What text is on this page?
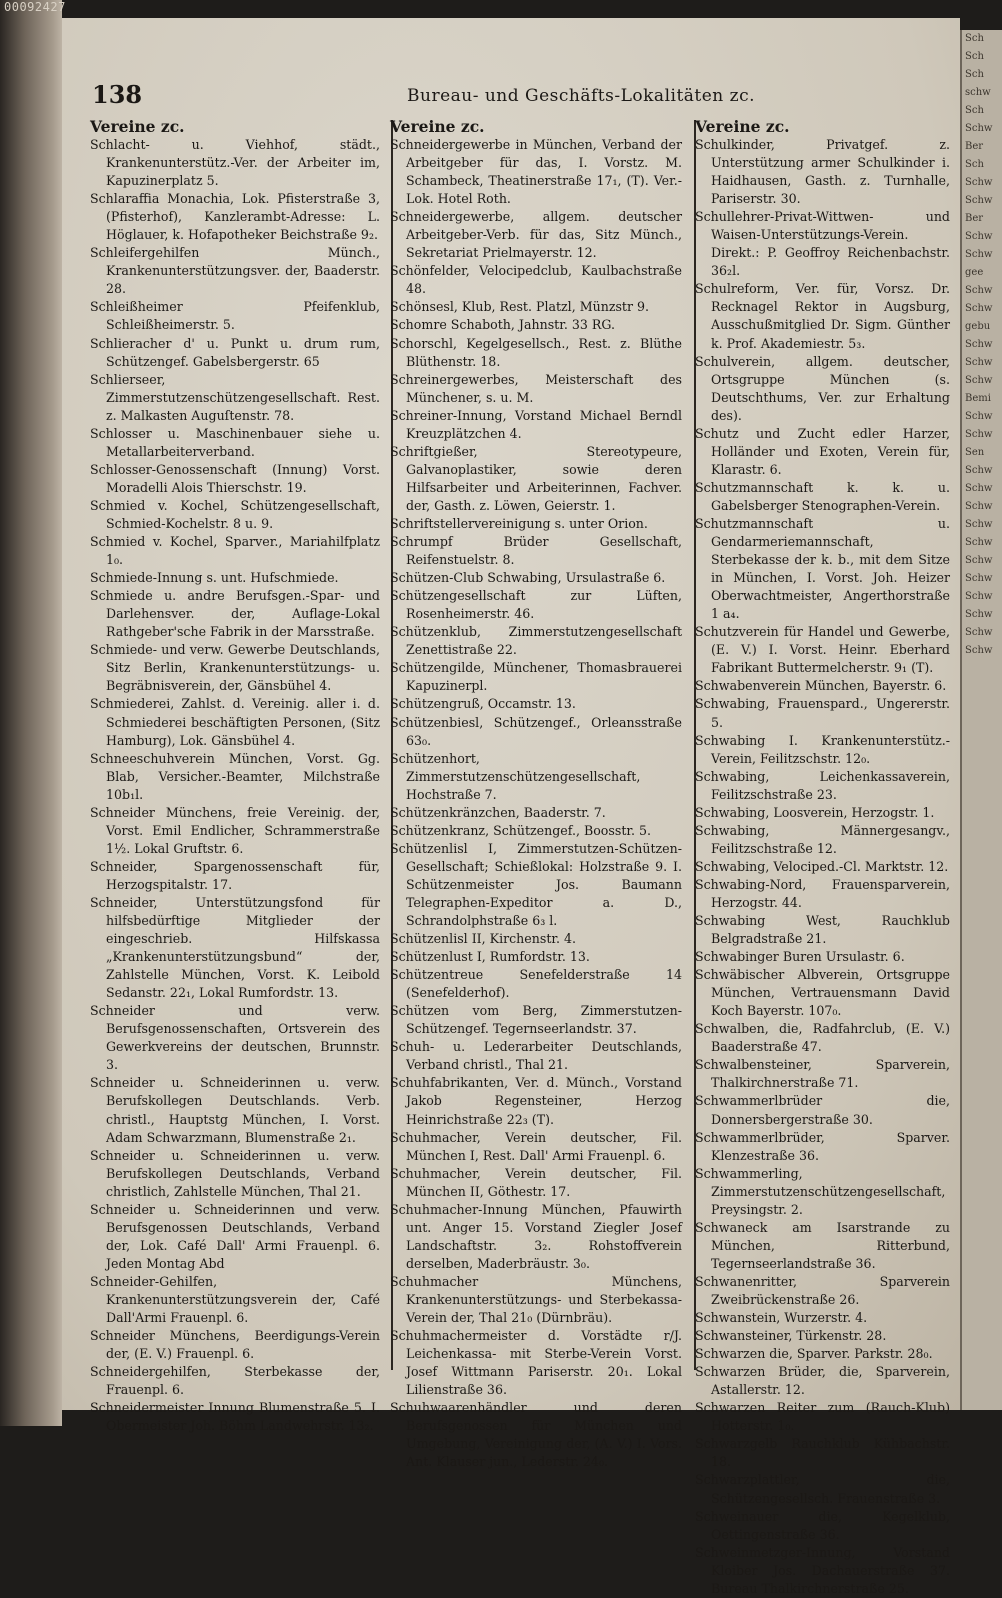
00092427
138	Bureau- und Geschäfts-Lokalitäten zc.
Vereine zc.
Schlacht- u. Viehhof, städt., Krankenunterstütz.-Ver. der Arbeiter im, Kapuzinerplatz 5.
Schlaraffia Monachia, Lok. Pfisterstraße 3, (Pfisterhof), Kanzlerambt-Adresse: L. Höglauer, k. Hofapotheker Beichstraße 9₂.
Schleifergehilfen Münch., Krankenunterstützungsver. der, Baaderstr. 28.
Schleißheimer Pfeifenklub, Schleißheimerstr. 5.
Schlieracher d' u. Punkt u. drum rum, Schützengef. Gabelsbergerstr. 65
Schlierseer, Zimmerstutzenschützengesellschaft. Rest. z. Malkasten Auguſtenstr. 78.
Schlosser u. Maschinenbauer siehe u. Metallarbeiterverband.
Schlosser-Genossenschaft (Innung) Vorst. Moradelli Alois Thierschstr. 19.
Schmied v. Kochel, Schützengesellschaft, Schmied-Kochelstr. 8 u. 9.
Schmied v. Kochel, Sparver., Mariahilfplatz 1₀.
Schmiede-Innung s. unt. Hufschmiede.
Schmiede u. andre Berufsgen.-Spar- und Darlehensver. der, Auflage-Lokal Rathgeber'sche Fabrik in der Marsstraße.
Schmiede- und verw. Gewerbe Deutschlands, Sitz Berlin, Krankenunterstützungs- u. Begräbnisverein, der, Gänsbühel 4.
Schmiederei, Zahlst. d. Vereinig. aller i. d. Schmiederei beschäftigten Personen, (Sitz Hamburg), Lok. Gänsbühel 4.
Schneeschuhverein München, Vorst. Gg. Blab, Versicher.-Beamter, Milchstraße 10b₁l.
Schneider Münchens, freie Vereinig. der, Vorst. Emil Endlicher, Schrammerstraße 1½. Lokal Gruftstr. 6.
Schneider, Spargenossenschaft für, Herzogspitalstr. 17.
Schneider, Unterstützungsfond für hilfsbedürftige Mitglieder der eingeschrieb. Hilfskassa „Krankenunterstützungsbund“ der, Zahlstelle München, Vorst. K. Leibold Sedanstr. 22₁, Lokal Rumfordstr. 13.
Schneider und verw. Berufsgenossenschaften, Ortsverein des Gewerkvereins der deutschen, Brunnstr. 3.
Schneider u. Schneiderinnen u. verw. Berufskollegen Deutschlands. Verb. christl., Hauptstg München, I. Vorst. Adam Schwarzmann, Blumenstraße 2₁.
Schneider u. Schneiderinnen u. verw. Berufskollegen Deutschlands, Verband christlich, Zahlstelle München, Thal 21.
Schneider u. Schneiderinnen und verw. Berufsgenossen Deutschlands, Verband der, Lok. Café Dall' Armi Frauenpl. 6. Jeden Montag Abd
Schneider-Gehilfen, Krankenunterstützungsverein der, Café Dall'Armi Frauenpl. 6.
Schneider Münchens, Beerdigungs-Verein der, (E. V.) Frauenpl. 6.
Schneidergehilfen, Sterbekasse der, Frauenpl. 6.
Schneidermeister Innung Blumenstraße 5. I. Obermeister Joh. Böhm Landwehrstr. 13₂.
Vereine zc.
Schneidergewerbe in München, Verband der Arbeitgeber für das, I. Vorstz. M. Schambeck, Theatinerstraße 17₁, (T). Ver.-Lok. Hotel Roth.
Schneidergewerbe, allgem. deutscher Arbeitgeber-Verb. für das, Sitz Münch., Sekretariat Prielmayerstr. 12.
Schönfelder, Velocipedclub, Kaulbachstraße 48.
Schönsesl, Klub, Rest. Platzl, Münzstr 9.
Schomre Schaboth, Jahnstr. 33 RG.
Schorschl, Kegelgesellsch., Rest. z. Blüthe Blüthenstr. 18.
Schreinergewerbes, Meisterschaft des Münchener, s. u. M.
Schreiner-Innung, Vorstand Michael Berndl Kreuzplätzchen 4.
Schriftgießer, Stereotypeure, Galvanoplastiker, sowie deren Hilfsarbeiter und Arbeiterinnen, Fachver. der, Gasth. z. Löwen, Geierstr. 1.
Schriftstellervereinigung s. unter Orion.
Schrumpf Brüder Gesellschaft, Reifenstuelstr. 8.
Schützen-Club Schwabing, Ursulastraße 6.
Schützengesellschaft zur Lüften, Rosenheimerstr. 46.
Schützenklub, Zimmerstutzengesellschaft Zenettistraße 22.
Schützengilde, Münchener, Thomasbrauerei Kapuzinerpl.
Schützengruß, Occamstr. 13.
Schützenbiesl, Schützengef., Orleansstraße 63₀.
Schützenhort, Zimmerstutzenschützengesellschaft, Hochstraße 7.
Schützenkränzchen, Baaderstr. 7.
Schützenkranz, Schützengef., Boosstr. 5.
Schützenlisl I, Zimmerstutzen-Schützen-Gesellschaft; Schießlokal: Holzstraße 9. I. Schützenmeister Jos. Baumann Telegraphen-Expeditor a. D., Schrandolphstraße 6₃ l.
Schützenlisl II, Kirchenstr. 4.
Schützenlust I, Rumfordstr. 13.
Schützentreue Senefelderstraße 14 (Senefelderhof).
Schützen vom Berg, Zimmerstutzen-Schützengef. Tegernseerlandstr. 37.
Schuh- u. Lederarbeiter Deutschlands, Verband christl., Thal 21.
Schuhfabrikanten, Ver. d. Münch., Vorstand Jakob Regensteiner, Herzog Heinrichstraße 22₃ (T).
Schuhmacher, Verein deutscher, Fil. München I, Rest. Dall' Armi Frauenpl. 6.
Schuhmacher, Verein deutscher, Fil. München II, Göthestr. 17.
Schuhmacher-Innung München, Pfauwirth unt. Anger 15. Vorstand Ziegler Josef Landschaftstr. 3₂. Rohstoffverein derselben, Maderbräustr. 3₀.
Schuhmacher Münchens, Krankenunterstützungs- und Sterbekassa-Verein der, Thal 21₀ (Dürnbräu).
Schuhmachermeister d. Vorstädte r/J. Leichenkassa- mit Sterbe-Verein Vorst. Josef Wittmann Pariserstr. 20₁. Lokal Lilienstraße 36.
Schuhwaarenhändler und deren Berufsgenossen für München und Umgebung, Vereinigung der, (A. V.) I. Vors. Ant. Klauser jun., Lederstr. 24₀.
Vereine zc.
Schulkinder, Privatgef. z. Unterstützung armer Schulkinder i. Haidhausen, Gasth. z. Turnhalle, Pariserstr. 30.
Schullehrer-Privat-Wittwen- und Waisen-Unterstützungs-Verein. Direkt.: P. Geoffroy Reichenbachstr. 36₂l.
Schulreform, Ver. für, Vorsz. Dr. Recknagel Rektor in Augsburg, Ausschußmitglied Dr. Sigm. Günther k. Prof. Akademiestr. 5₃.
Schulverein, allgem. deutscher, Ortsgruppe München (s. Deutschthums, Ver. zur Erhaltung des).
Schutz und Zucht edler Harzer, Holländer und Exoten, Verein für, Klarastr. 6.
Schutzmannschaft k. k. u. Gabelsberger Stenographen-Verein.
Schutzmannschaft u. Gendarmeriemannschaft, Sterbekasse der k. b., mit dem Sitze in München, I. Vorst. Joh. Heizer Oberwachtmeister, Angerthorstraße 1 a₄.
Schutzverein für Handel und Gewerbe, (E. V.) I. Vorst. Heinr. Eberhard Fabrikant Buttermelcherstr. 9₁ (T).
Schwabenverein München, Bayerstr. 6.
Schwabing, Frauenspard., Ungererstr. 5.
Schwabing I. Krankenunterstütz.-Verein, Feilitzschstr. 12₀.
Schwabing, Leichenkassaverein, Feilitzschstraße 23.
Schwabing, Loosverein, Herzogstr. 1.
Schwabing, Männergesangv., Feilitzschstraße 12.
Schwabing, Velociped.-Cl. Marktstr. 12.
Schwabing-Nord, Frauensparverein, Herzogstr. 44.
Schwabing West, Rauchklub Belgradstraße 21.
Schwabinger Buren Ursulastr. 6.
Schwäbischer Albverein, Ortsgruppe München, Vertrauensmann David Koch Bayerstr. 107₀.
Schwalben, die, Radfahrclub, (E. V.) Baaderstraße 47.
Schwalbensteiner, Sparverein, Thalkirchnerstraße 71.
Schwammerlbrüder die, Donnersbergerstraße 30.
Schwammerlbrüder, Sparver. Klenzestraße 36.
Schwammerling, Zimmerstutzenschützengesellschaft, Preysingstr. 2.
Schwaneck am Isarstrande zu München, Ritterbund, Tegernseerlandstraße 36.
Schwanenritter, Sparverein Zweibrückenstraße 26.
Schwanstein, Wurzerstr. 4.
Schwansteiner, Türkenstr. 28.
Schwarzen die, Sparver. Parkstr. 28₀.
Schwarzen Brüder, die, Sparverein, Astallerstr. 12.
Schwarzen Reiter zum (Rauch-Klub) Hotterstr. 1₀.
Schwarzgelb Rauchklub Kühbachstr. 18.
Schwarzplattler, die, Schützengesellsch. Frauenstraße 3.
Schweinauer die, Kegelklub, Oettingenstraße 36.
Schweinmetzger-Innung, Vorstand Kloiber Jos. Dachauerstraße 37. Bureau Thalkirchnerstraße 25.
Sch
Sch
Sch
schw
Sch
Schw
Ber
Sch
Schw
Schw
Ber
Schw
Schw
gee
Schw
Schw
gebu
Schw
Schw
Schw
Bemi
Schw
Schw
Sen
Schw
Schw
Schw
Schw
Schw
Schw
Schw
Schw
Schw
Schw
Schw
